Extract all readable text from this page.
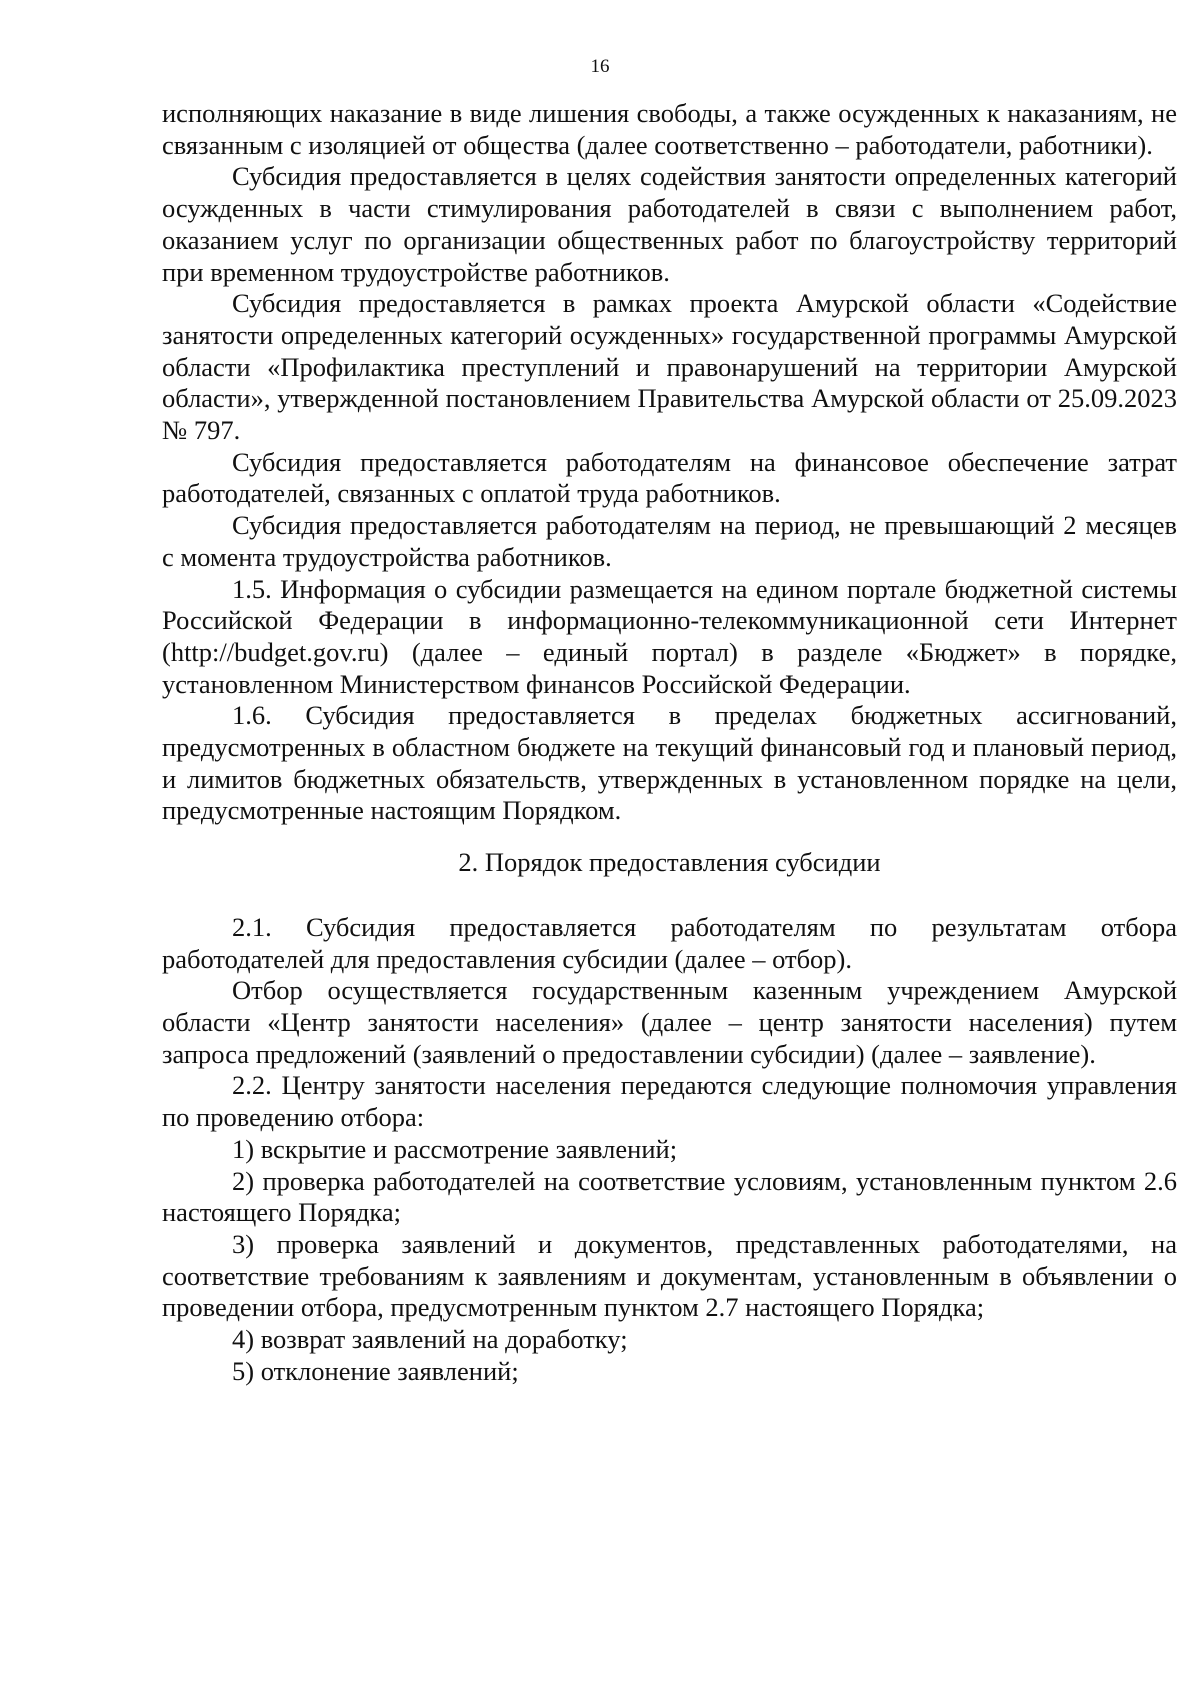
16

исполняющих наказание в виде лишения свободы, а также осужденных к наказаниям, не связанным с изоляцией от общества (далее соответственно – работодатели, работники).

Субсидия предоставляется в целях содействия занятости определенных категорий осужденных в части стимулирования работодателей в связи с выполнением работ, оказанием услуг по организации общественных работ по благоустройству территорий при временном трудоустройстве работников.

Субсидия предоставляется в рамках проекта Амурской области «Содействие занятости определенных категорий осужденных» государственной программы Амурской области «Профилактика преступлений и правонарушений на территории Амурской области», утвержденной постановлением Правительства Амурской области от 25.09.2023 № 797.

Субсидия предоставляется работодателям на финансовое обеспечение затрат работодателей, связанных с оплатой труда работников.

Субсидия предоставляется работодателям на период, не превышающий 2 месяцев с момента трудоустройства работников.

1.5. Информация о субсидии размещается на едином портале бюджетной системы Российской Федерации в информационно-телекоммуникационной сети Интернет (http://budget.gov.ru) (далее – единый портал) в разделе «Бюджет» в порядке, установленном Министерством финансов Российской Федерации.

1.6. Субсидия предоставляется в пределах бюджетных ассигнований, предусмотренных в областном бюджете на текущий финансовый год и плановый период, и лимитов бюджетных обязательств, утвержденных в установленном порядке на цели, предусмотренные настоящим Порядком.

2. Порядок предоставления субсидии

2.1. Субсидия предоставляется работодателям по результатам отбора работодателей для предоставления субсидии (далее – отбор).

Отбор осуществляется государственным казенным учреждением Амурской области «Центр занятости населения» (далее – центр занятости населения) путем запроса предложений (заявлений о предоставлении субсидии) (далее – заявление).

2.2. Центру занятости населения передаются следующие полномочия управления по проведению отбора:

1) вскрытие и рассмотрение заявлений;

2) проверка работодателей на соответствие условиям, установленным пунктом 2.6 настоящего Порядка;

3) проверка заявлений и документов, представленных работодателями, на соответствие требованиям к заявлениям и документам, установленным в объявлении о проведении отбора, предусмотренным пунктом 2.7 настоящего Порядка;

4) возврат заявлений на доработку;

5) отклонение заявлений;
